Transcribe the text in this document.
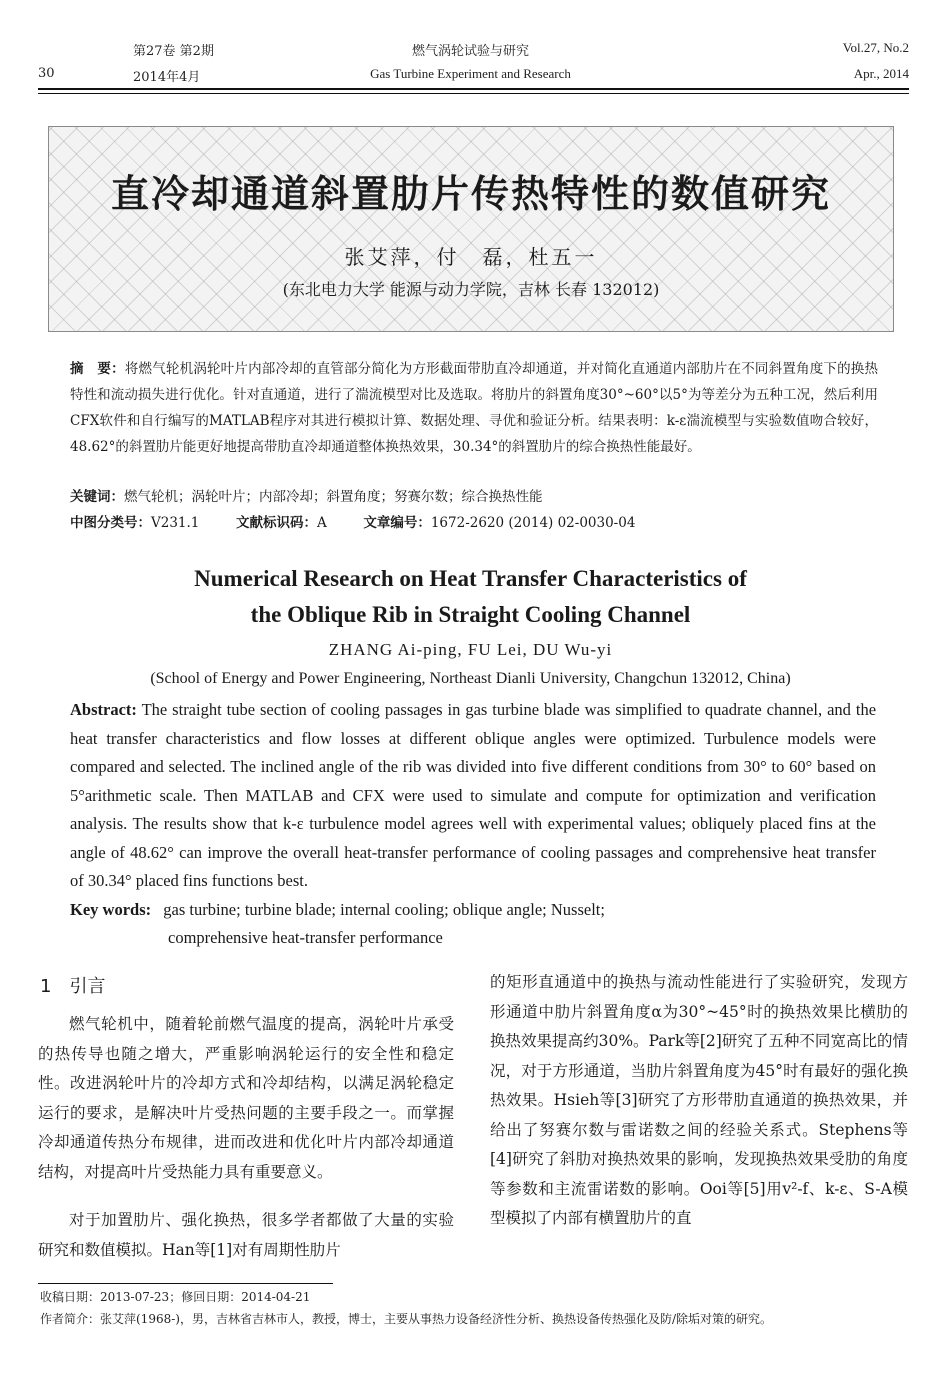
30
第27卷 第2期
2014年4月
燃气涡轮试验与研究
Gas Turbine Experiment and Research
Vol.27, No.2
Apr., 2014
直冷却通道斜置肋片传热特性的数值研究
张艾萍，付　磊，杜五一
(东北电力大学 能源与动力学院，吉林 长春 132012)
摘　要：将燃气轮机涡轮叶片内部冷却的直管部分简化为方形截面带肋直冷却通道，并对简化直通道内部肋片在不同斜置角度下的换热特性和流动损失进行优化。针对直通道，进行了湍流模型对比及选取。将肋片的斜置角度30°~60°以5°为等差分为五种工况，然后利用CFX软件和自行编写的MATLAB程序对其进行模拟计算、数据处理、寻优和验证分析。结果表明：k-ε湍流模型与实验数值吻合较好，48.62°的斜置肋片能更好地提高带肋直冷却通道整体换热效果，30.34°的斜置肋片的综合换热性能最好。
关键词：燃气轮机；涡轮叶片；内部冷却；斜置角度；努赛尔数；综合换热性能
中图分类号：V231.1	文献标识码：A	文章编号：1672-2620 (2014) 02-0030-04
Numerical Research on Heat Transfer Characteristics of
the Oblique Rib in Straight Cooling Channel
ZHANG Ai-ping, FU Lei, DU Wu-yi
(School of Energy and Power Engineering, Northeast Dianli University, Changchun 132012, China)
Abstract: The straight tube section of cooling passages in gas turbine blade was simplified to quadrate channel, and the heat transfer characteristics and flow losses at different oblique angles were optimized. Turbulence models were compared and selected. The inclined angle of the rib was divided into five different conditions from 30° to 60° based on 5°arithmetic scale. Then MATLAB and CFX were used to simulate and compute for optimization and verification analysis. The results show that k-ε turbulence model agrees well with experimental values; obliquely placed fins at the angle of 48.62° can improve the overall heat-transfer performance of cooling passages and comprehensive heat transfer of 30.34° placed fins functions best.
Key words: gas turbine; turbine blade; internal cooling; oblique angle; Nusselt;
comprehensive heat-transfer performance
1　引言
燃气轮机中，随着轮前燃气温度的提高，涡轮叶片承受的热传导也随之增大，严重影响涡轮运行的安全性和稳定性。改进涡轮叶片的冷却方式和冷却结构，以满足涡轮稳定运行的要求，是解决叶片受热问题的主要手段之一。而掌握冷却通道传热分布规律，进而改进和优化叶片内部冷却通道结构，对提高叶片受热能力具有重要意义。
对于加置肋片、强化换热，很多学者都做了大量的实验研究和数值模拟。Han等[1]对有周期性肋片
的矩形直通道中的换热与流动性能进行了实验研究，发现方形通道中肋片斜置角度α为30°~45°时的换热效果比横肋的换热效果提高约30%。Park等[2]研究了五种不同宽高比的情况，对于方形通道，当肋片斜置角度为45°时有最好的强化换热效果。Hsieh等[3]研究了方形带肋直通道的换热效果，并给出了努赛尔数与雷诺数之间的经验关系式。Stephens等[4]研究了斜肋对换热效果的影响，发现换热效果受肋的角度等参数和主流雷诺数的影响。Ooi等[5]用v²-f、k-ε、S-A模型模拟了内部有横置肋片的直
收稿日期：2013-07-23；修回日期：2014-04-21
作者简介：张艾萍(1968-)，男，吉林省吉林市人，教授，博士，主要从事热力设备经济性分析、换热设备传热强化及防/除垢对策的研究。
